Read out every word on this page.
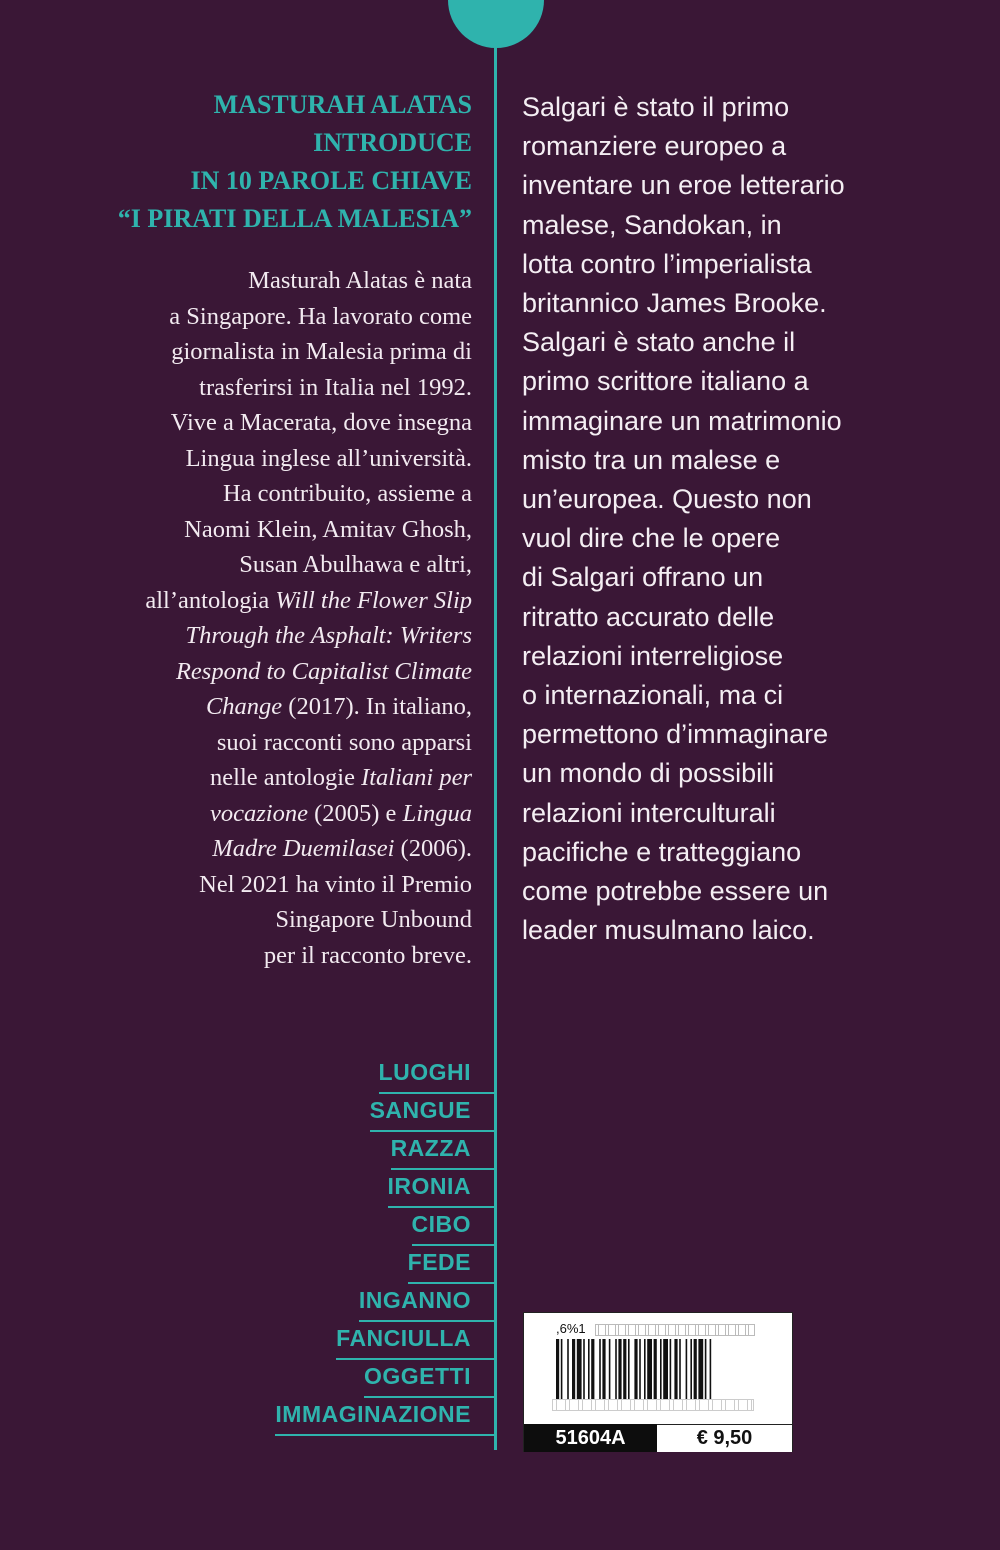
MASTURAH ALATAS
INTRODUCE
IN 10 PAROLE CHIAVE
“I PIRATI DELLA MALESIA”
Masturah Alatas è nata
a Singapore. Ha lavorato come
giornalista in Malesia prima di
trasferirsi in Italia nel 1992.
Vive a Macerata, dove insegna
Lingua inglese all’università.
Ha contribuito, assieme a
Naomi Klein, Amitav Ghosh,
Susan Abulhawa e altri,
all’antologia Will the Flower Slip
Through the Asphalt: Writers
Respond to Capitalist Climate
Change (2017). In italiano,
suoi racconti sono apparsi
nelle antologie Italiani per
vocazione (2005) e Lingua
Madre Duemilasei (2006).
Nel 2021 ha vinto il Premio
Singapore Unbound
per il racconto breve.
Salgari è stato il primo
romanziere europeo a
inventare un eroe letterario
malese, Sandokan, in
lotta contro l’imperialista
britannico James Brooke.
Salgari è stato anche il
primo scrittore italiano a
immaginare un matrimonio
misto tra un malese e
un’europea. Questo non
vuol dire che le opere
di Salgari offrano un
ritratto accurato delle
relazioni interreligiose
o internazionali, ma ci
permettono d’immaginare
un mondo di possibili
relazioni interculturali
pacifiche e tratteggiano
come potrebbe essere un
leader musulmano laico.
LUOGHI
SANGUE
RAZZA
IRONIA
CIBO
FEDE
INGANNO
FANCIULLA
OGGETTI
IMMAGINAZIONE
,6%1
51604A	€ 9,50
